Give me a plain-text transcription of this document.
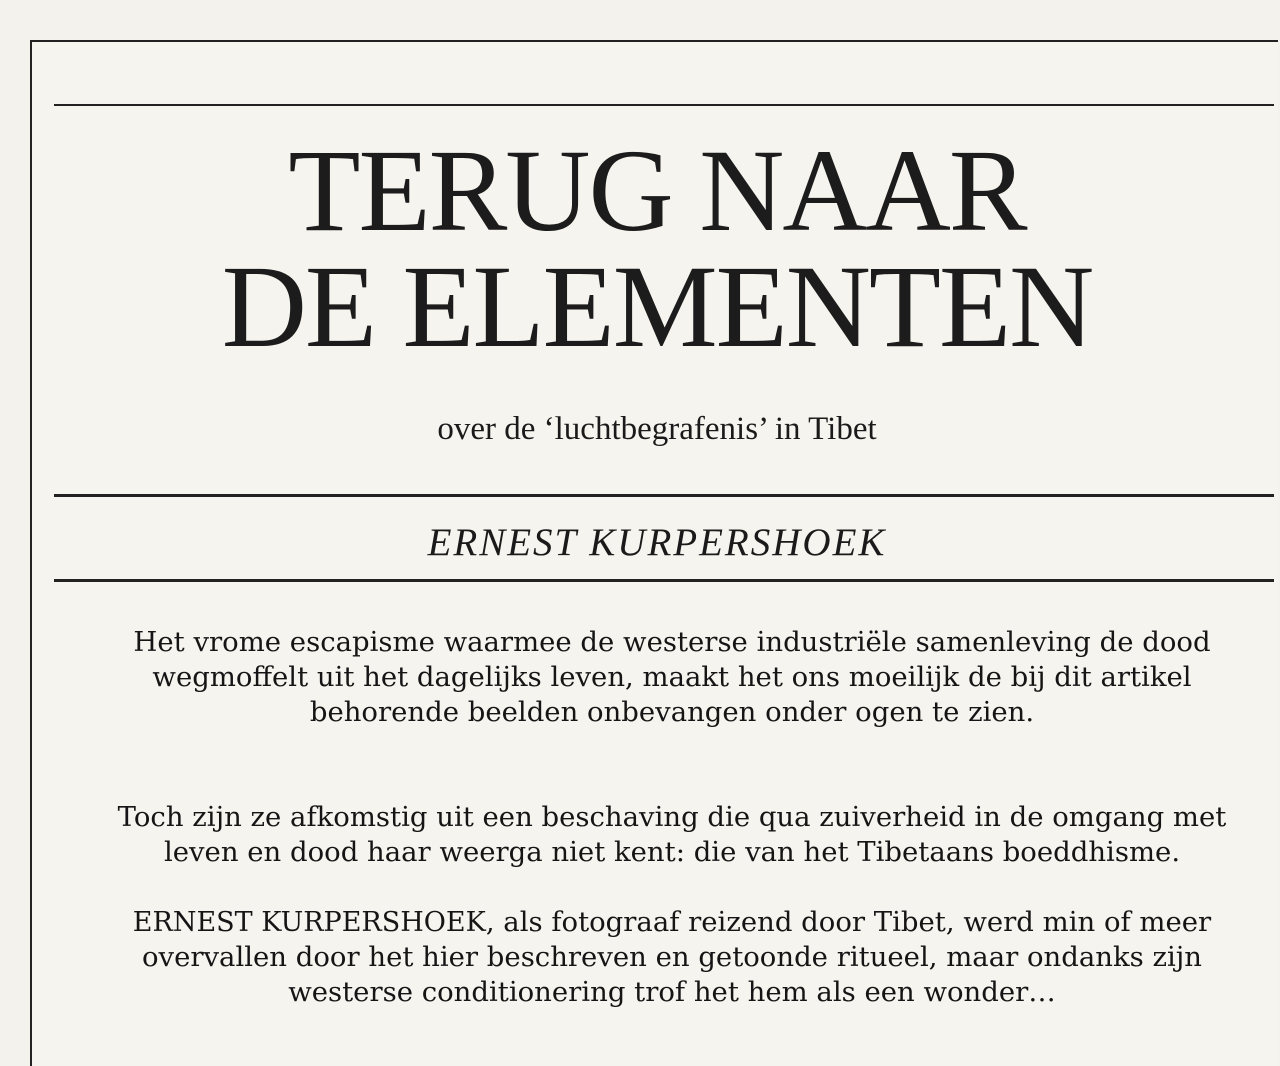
TERUG NAAR
DE ELEMENTEN

over de ‘luchtbegrafenis’ in Tibet

ERNEST KURPERSHOEK

Het vrome escapisme waarmee de westerse industriële samenleving de dood wegmoffelt uit het dagelijks leven, maakt het ons moeilijk de bij dit artikel behorende beelden onbevangen onder ogen te zien.

Toch zijn ze afkomstig uit een beschaving die qua zuiverheid in de omgang met leven en dood haar weerga niet kent: die van het Tibetaans boeddhisme.

ERNEST KURPERSHOEK, als fotograaf reizend door Tibet, werd min of meer overvallen door het hier beschreven en getoonde ritueel, maar ondanks zijn westerse conditionering trof het hem als een wonder…
